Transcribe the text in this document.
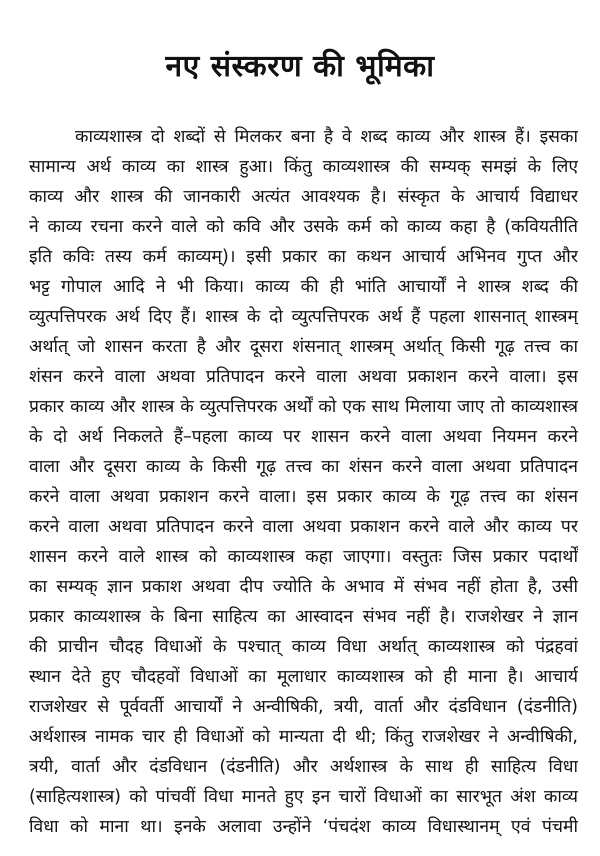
नए संस्करण की भूमिका
काव्यशास्त्र दो शब्दों से मिलकर बना है वे शब्द काव्य और शास्त्र हैं। इसका
सामान्य अर्थ काव्य का शास्त्र हुआ। किंतु काव्यशास्त्र की सम्यक् समझं के लिए
काव्य और शास्त्र की जानकारी अत्यंत आवश्यक है। संस्कृत के आचार्य विद्याधर
ने काव्य रचना करने वाले को कवि और उसके कर्म को काव्य कहा है (कवियतीति
इति कविः तस्य कर्म काव्यम्)। इसी प्रकार का कथन आचार्य अभिनव गुप्त और
भट्ट गोपाल आदि ने भी किया। काव्य की ही भांति आचार्यों ने शास्त्र शब्द की
व्युत्पत्तिपरक अर्थ दिए हैं। शास्त्र के दो व्युत्पत्तिपरक अर्थ हैं पहला शासनात् शास्त्रम्
अर्थात् जो शासन करता है और दूसरा शंसनात् शास्त्रम् अर्थात् किसी गूढ़ तत्त्व का
शंसन करने वाला अथवा प्रतिपादन करने वाला अथवा प्रकाशन करने वाला। इस
प्रकार काव्य और शास्त्र के व्युत्पत्तिपरक अर्थों को एक साथ मिलाया जाए तो काव्यशास्त्र
के दो अर्थ निकलते हैं–पहला काव्य पर शासन करने वाला अथवा नियमन करने
वाला और दूसरा काव्य के किसी गूढ़ तत्त्व का शंसन करने वाला अथवा प्रतिपादन
करने वाला अथवा प्रकाशन करने वाला। इस प्रकार काव्य के गूढ़ तत्त्व का शंसन
करने वाला अथवा प्रतिपादन करने वाला अथवा प्रकाशन करने वाले और काव्य पर
शासन करने वाले शास्त्र को काव्यशास्त्र कहा जाएगा। वस्तुतः जिस प्रकार पदार्थों
का सम्यक् ज्ञान प्रकाश अथवा दीप ज्योति के अभाव में संभव नहीं होता है, उसी
प्रकार काव्यशास्त्र के बिना साहित्य का आस्वादन संभव नहीं है। राजशेखर ने ज्ञान
की प्राचीन चौदह विधाओं के पश्चात् काव्य विधा अर्थात् काव्यशास्त्र को पंद्रहवां
स्थान देते हुए चौदहवों विधाओं का मूलाधार काव्यशास्त्र को ही माना है। आचार्य
राजशेखर से पूर्ववर्ती आचार्यों ने अन्वीषिकी, त्रयी, वार्ता और दंडविधान (दंडनीति)
अर्थशास्त्र नामक चार ही विधाओं को मान्यता दी थी; किंतु राजशेखर ने अन्वीषिकी,
त्रयी, वार्ता और दंडविधान (दंडनीति) और अर्थशास्त्र के साथ ही साहित्य विधा
(साहित्यशास्त्र) को पांचवीं विधा मानते हुए इन चारों विधाओं का सारभूत अंश काव्य
विधा को माना था। इनके अलावा उन्होंने ‘पंचदंश काव्य विधास्थानम् एवं पंचमी
